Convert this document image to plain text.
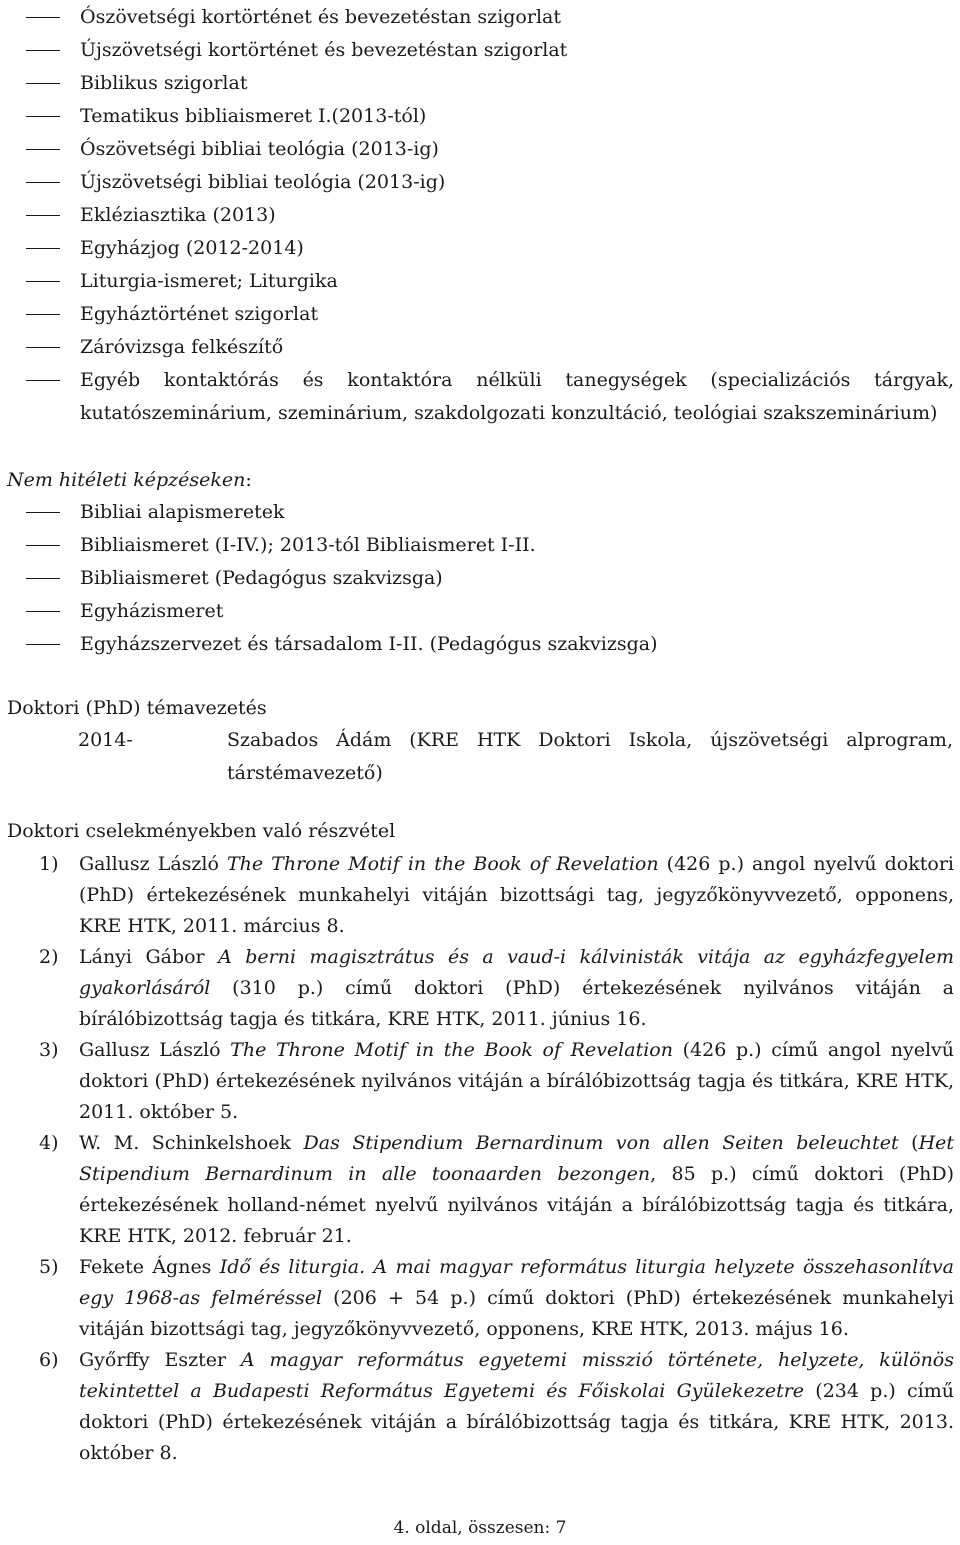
Ószövetségi kortörténet és bevezetéstan szigorlat
Újszövetségi kortörténet és bevezetéstan szigorlat
Biblikus szigorlat
Tematikus bibliaismeret I.(2013-tól)
Ószövetségi bibliai teológia (2013-ig)
Újszövetségi bibliai teológia (2013-ig)
Ekléziasztika (2013)
Egyházjog (2012-2014)
Liturgia-ismeret; Liturgika
Egyháztörténet szigorlat
Záróvizsga felkészítő
Egyéb kontaktórás és kontaktóra nélküli tanegységek (specializációs tárgyak, kutatószeminárium, szeminárium, szakdolgozati konzultáció, teológiai szakszeminárium)
Nem hitéleti képzéseken:
Bibliai alapismeretek
Bibliaismeret (I-IV.); 2013-tól Bibliaismeret I-II.
Bibliaismeret (Pedagógus szakvizsga)
Egyházismeret
Egyházszervezet és társadalom I-II. (Pedagógus szakvizsga)
Doktori (PhD) témavezetés
2014-	Szabados Ádám (KRE HTK Doktori Iskola, újszövetségi alprogram, társtémavezető)
Doktori cselekményekben való részvétel
1) Gallusz László The Throne Motif in the Book of Revelation (426 p.) angol nyelvű doktori (PhD) értekezésének munkahelyi vitáján bizottsági tag, jegyzőkönyvvezető, opponens, KRE HTK, 2011. március 8.
2) Lányi Gábor A berni magisztrátus és a vaud-i kálvinisták vitája az egyházfegyelem gyakorlásáról (310 p.) című doktori (PhD) értekezésének nyilvános vitáján a bírálóbizottság tagja és titkára, KRE HTK, 2011. június 16.
3) Gallusz László The Throne Motif in the Book of Revelation (426 p.) című angol nyelvű doktori (PhD) értekezésének nyilvános vitáján a bírálóbizottság tagja és titkára, KRE HTK, 2011. október 5.
4) W. M. Schinkelshoek Das Stipendium Bernardinum von allen Seiten beleuchtet (Het Stipendium Bernardinum in alle toonaarden bezongen, 85 p.) című doktori (PhD) értekezésének holland-német nyelvű nyilvános vitáján a bírálóbizottság tagja és titkára, KRE HTK, 2012. február 21.
5) Fekete Ágnes Idő és liturgia. A mai magyar református liturgia helyzete összehasonlítva egy 1968-as felméréssel (206 + 54 p.) című doktori (PhD) értekezésének munkahelyi vitáján bizottsági tag, jegyzőkönyvvezető, opponens, KRE HTK, 2013. május 16.
6) Győrffy Eszter A magyar református egyetemi misszió története, helyzete, különös tekintettel a Budapesti Református Egyetemi és Főiskolai Gyülekezetre (234 p.) című doktori (PhD) értekezésének vitáján a bírálóbizottság tagja és titkára, KRE HTK, 2013. október 8.
4. oldal, összesen: 7
